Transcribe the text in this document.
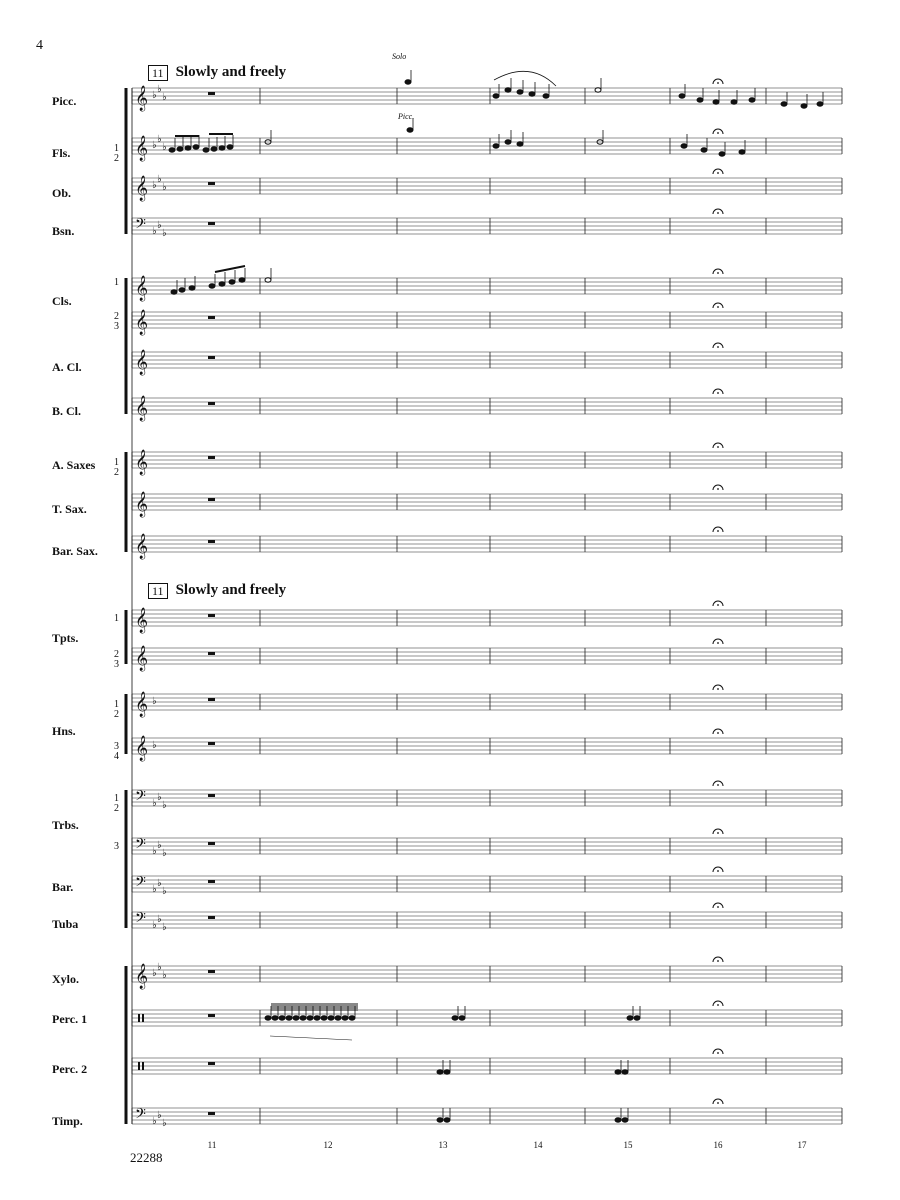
𝄞 ♭
♭
♭
𝄞 ♭
♭
♭
𝄞 ♭
♭
♭
𝄢 ♭
♭
♭
𝄞
𝄞
𝄞
𝄞
𝄞
𝄞
𝄞
𝄞
𝄞
𝄞 ♭
𝄞 ♭
𝄢 ♭
♭
♭
𝄢 ♭
♭
♭
𝄢 ♭
♭
♭
𝄢 ♭
♭
♭
𝄞 ♭
♭
♭
𝄢 ♭
♭
♭
4
11 Slowly and freely
11 Slowly and freely
Solo
Picc.
Picc.
Fls.
Ob.
Bsn.
Cls.
A. Cl.
B. Cl.
A. Saxes
T. Sax.
Bar. Sax.
Tpts.
Hns.
Trbs.
Bar.
Tuba
Xylo.
Perc. 1
Perc. 2
Timp.
1
2
1
2
3
1
2
1
2
3
1
2
3
4
1
2
3
11	12	13	14	15	16	17
22288
